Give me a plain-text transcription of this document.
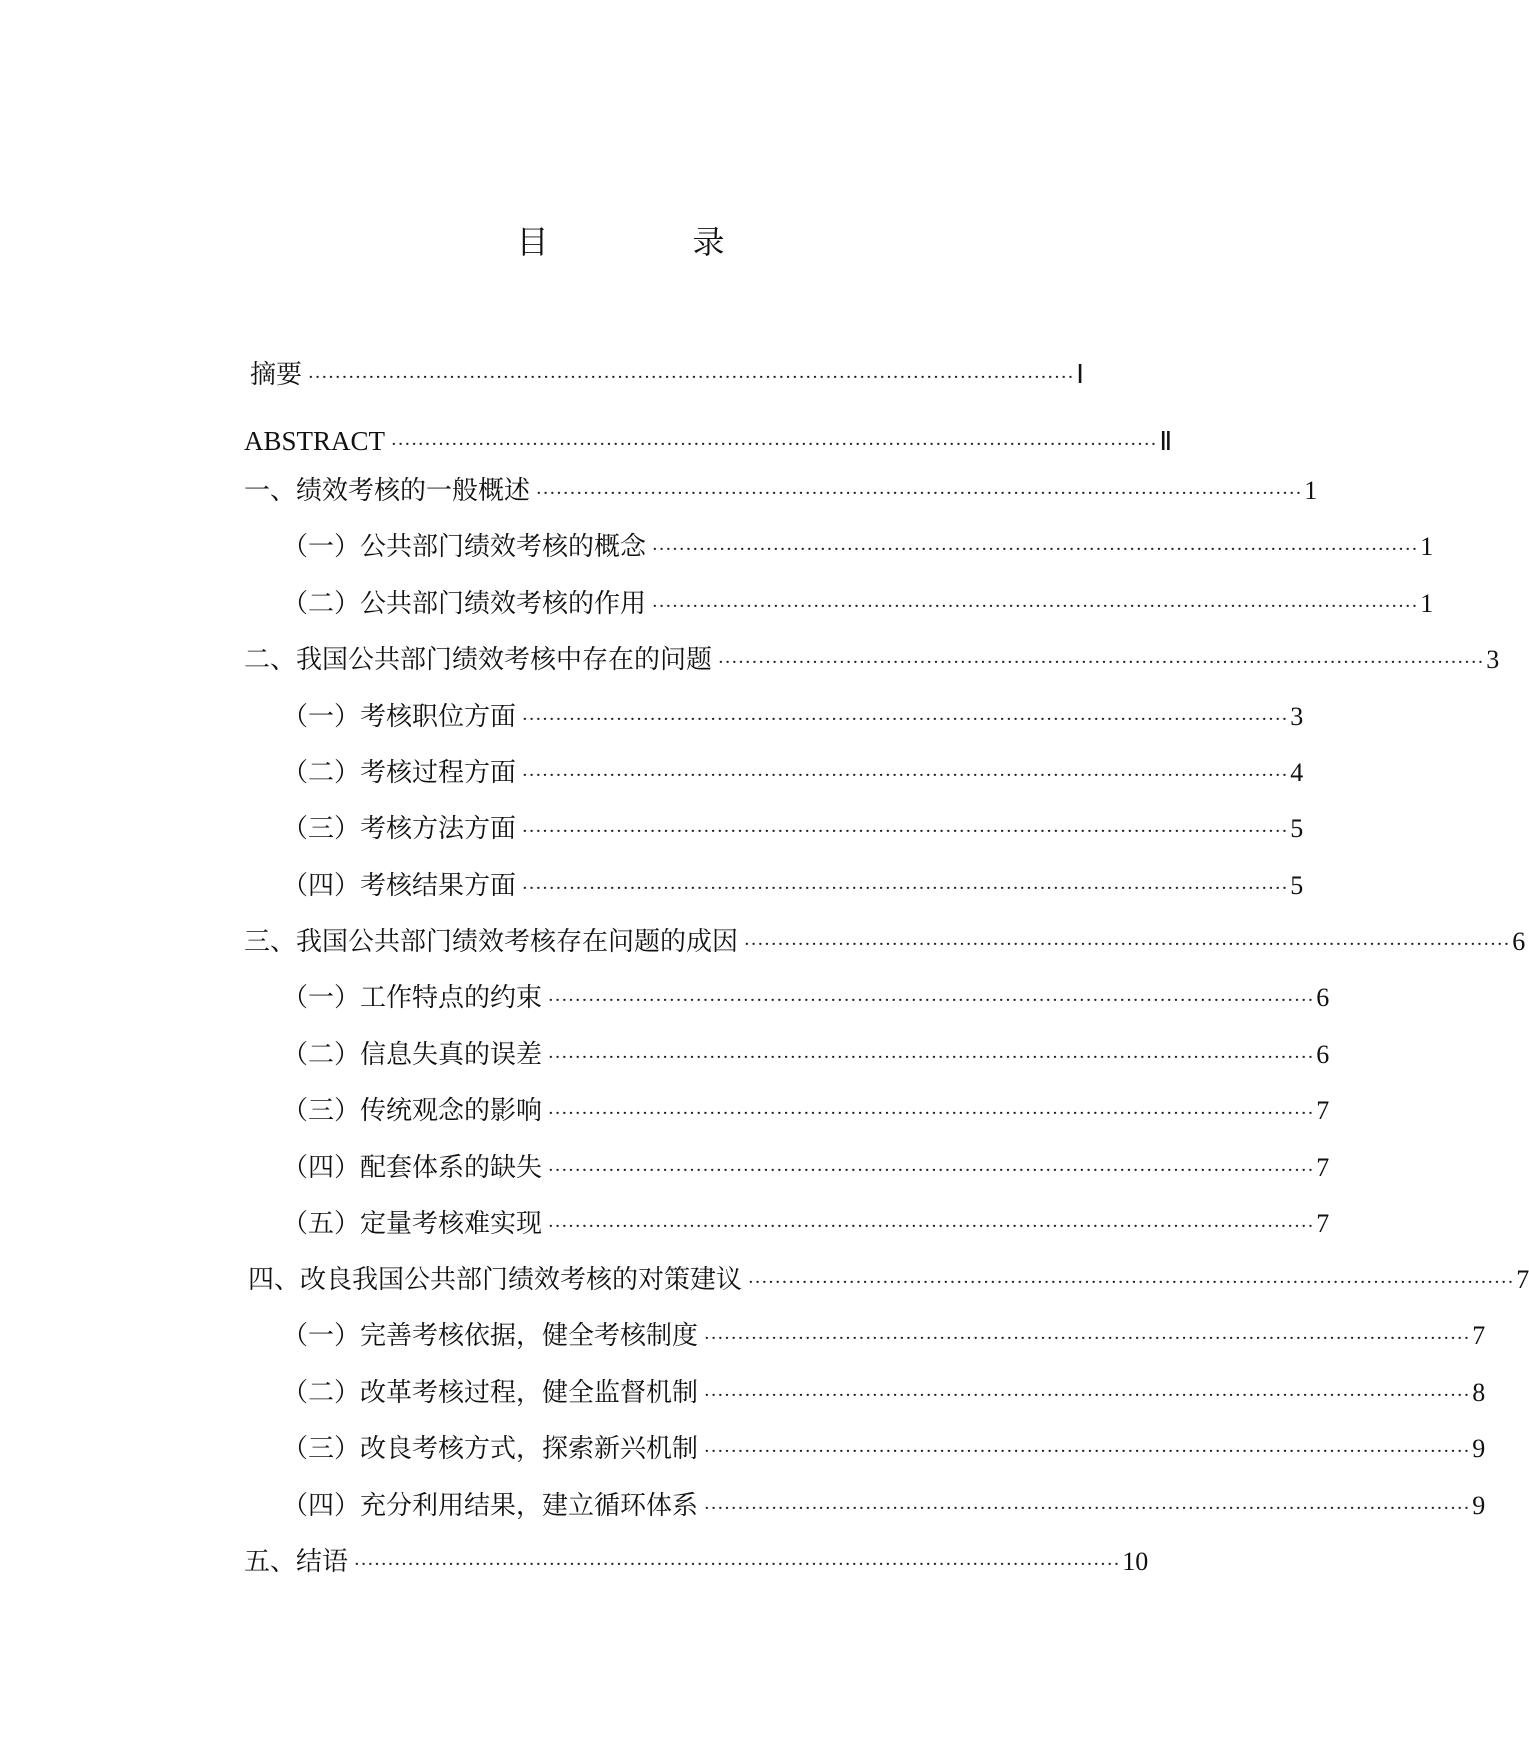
目　录
摘要 ·················································································································· Ⅰ
ABSTRACT ·················································································································· Ⅱ
一、绩效考核的一般概述 ·················································································································· 1
（一）公共部门绩效考核的概念 ·················································································································· 1
（二）公共部门绩效考核的作用 ·················································································································· 1
二、我国公共部门绩效考核中存在的问题 ·················································································································· 3
（一）考核职位方面 ·················································································································· 3
（二）考核过程方面 ·················································································································· 4
（三）考核方法方面 ·················································································································· 5
（四）考核结果方面 ·················································································································· 5
三、我国公共部门绩效考核存在问题的成因 ·················································································································· 6
（一）工作特点的约束 ·················································································································· 6
（二）信息失真的误差 ·················································································································· 6
（三）传统观念的影响 ·················································································································· 7
（四）配套体系的缺失 ·················································································································· 7
（五）定量考核难实现 ·················································································································· 7
四、改良我国公共部门绩效考核的对策建议 ·················································································································· 7
（一）完善考核依据，健全考核制度 ·················································································································· 7
（二）改革考核过程，健全监督机制 ·················································································································· 8
（三）改良考核方式，探索新兴机制 ·················································································································· 9
（四）充分利用结果，建立循环体系 ·················································································································· 9
五、结语 ·················································································································· 10
